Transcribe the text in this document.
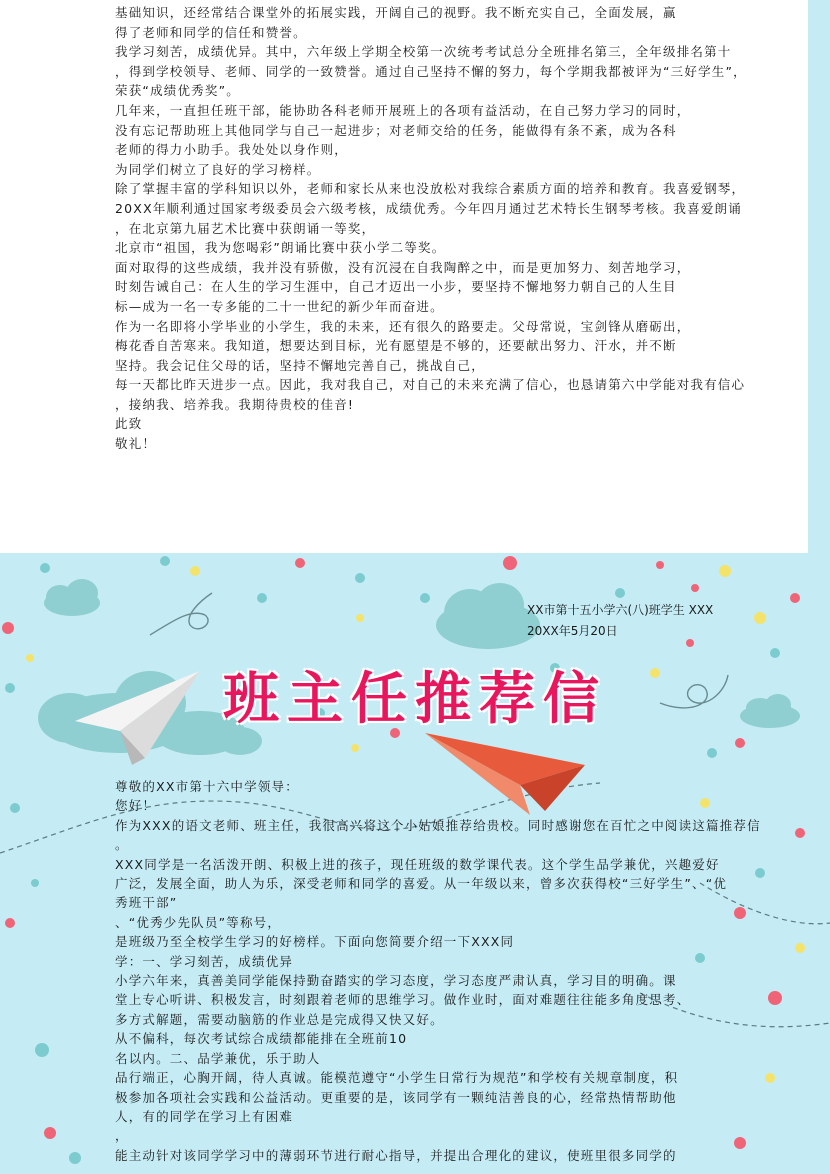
基础知识，还经常结合课堂外的拓展实践，开阔自己的视野。我不断充实自己，全面发展，赢

得了老师和同学的信任和赞誉。

我学习刻苦，成绩优异。其中，六年级上学期全校第一次统考考试总分全班排名第三，全年级排名第十

，得到学校领导、老师、同学的一致赞誉。通过自己坚持不懈的努力，每个学期我都被评为“三好学生”，

荣获“成绩优秀奖”。

几年来，一直担任班干部，能协助各科老师开展班上的各项有益活动，在自己努力学习的同时，

没有忘记帮助班上其他同学与自己一起进步；对老师交给的任务，能做得有条不紊，成为各科

老师的得力小助手。我处处以身作则，

为同学们树立了良好的学习榜样。

除了掌握丰富的学科知识以外，老师和家长从来也没放松对我综合素质方面的培养和教育。我喜爱钢琴，

20XX年顺利通过国家考级委员会六级考核，成绩优秀。今年四月通过艺术特长生钢琴考核。我喜爱朗诵

，在北京第九届艺术比赛中获朗诵一等奖，

北京市“祖国，我为您喝彩”朗诵比赛中获小学二等奖。

面对取得的这些成绩，我并没有骄傲，没有沉浸在自我陶醉之中，而是更加努力、刻苦地学习，

时刻告诫自己：在人生的学习生涯中，自己才迈出一小步，要坚持不懈地努力朝自己的人生目

标—成为一名一专多能的二十一世纪的新少年而奋进。

作为一名即将小学毕业的小学生，我的未来，还有很久的路要走。父母常说，宝剑锋从磨砺出，

梅花香自苦寒来。我知道，想要达到目标，光有愿望是不够的，还要献出努力、汗水，并不断

坚持。我会记住父母的话，坚持不懈地完善自己，挑战自己，

每一天都比昨天进步一点。因此，我对我自己，对自己的未来充满了信心，也恳请第六中学能对我有信心

，接纳我、培养我。我期待贵校的佳音!

此致

敬礼！

XX市第十五小学六(八)班学生 XXX
20XX年5月20日
班主任推荐信

尊敬的XX市第十六中学领导：

您好！

作为XXX的语文老师、班主任，我很高兴将这个小姑娘推荐给贵校。同时感谢您在百忙之中阅读这篇推荐信

。

XXX同学是一名活泼开朗、积极上进的孩子，现任班级的数学课代表。这个学生品学兼优，兴趣爱好

广泛，发展全面，助人为乐，深受老师和同学的喜爱。从一年级以来，曾多次获得校“三好学生”、“优

秀班干部”

、“优秀少先队员”等称号，

是班级乃至全校学生学习的好榜样。下面向您简要介绍一下XXX同

学：一、学习刻苦，成绩优异

小学六年来，真善美同学能保持勤奋踏实的学习态度，学习态度严肃认真，学习目的明确。课

堂上专心听讲、积极发言，时刻跟着老师的思维学习。做作业时，面对难题往往能多角度思考、

多方式解题，需要动脑筋的作业总是完成得又快又好。

从不偏科，每次考试综合成绩都能排在全班前10

名以内。二、品学兼优，乐于助人

品行端正，心胸开阔，待人真诚。能模范遵守“小学生日常行为规范”和学校有关规章制度，积

极参加各项社会实践和公益活动。更重要的是，该同学有一颗纯洁善良的心，经常热情帮助他

人，有的同学在学习上有困难

，

能主动针对该同学学习中的薄弱环节进行耐心指导，并提出合理化的建议，使班里很多同学的
